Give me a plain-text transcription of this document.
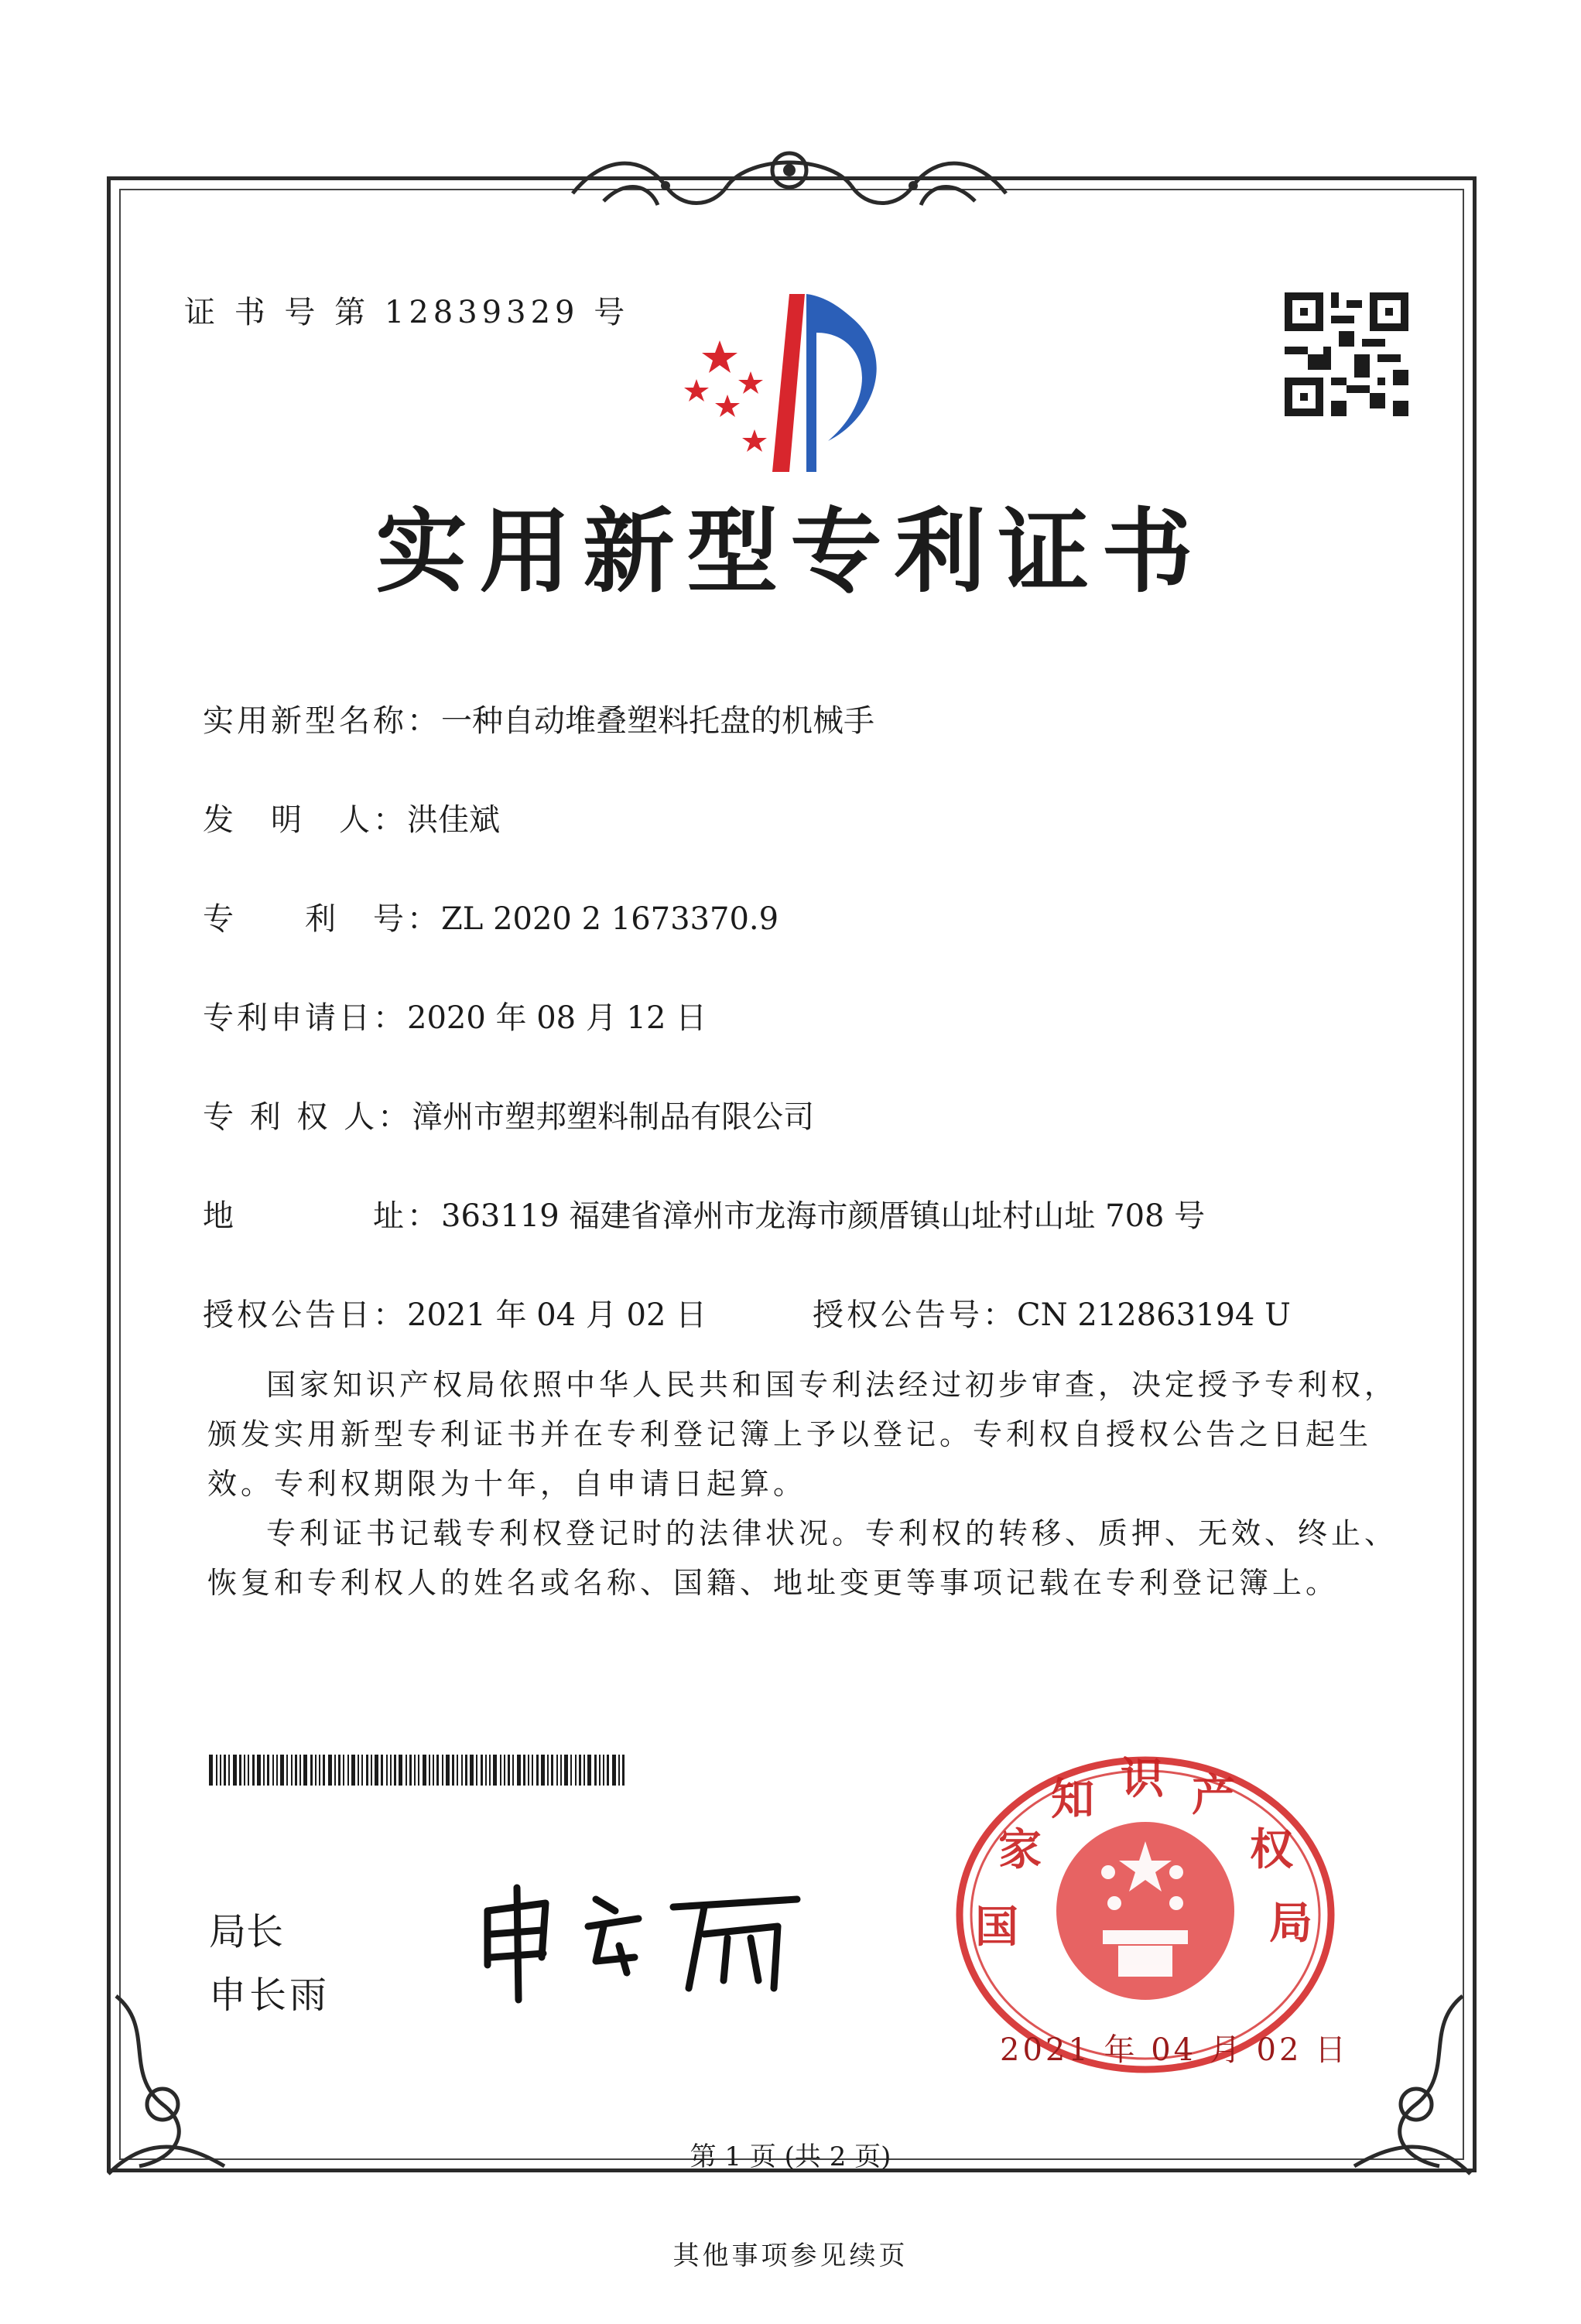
证 书 号 第 12839329 号
实用新型专利证书
实用新型名称：一种自动堆叠塑料托盘的机械手
发　明　人：洪佳斌
专　　利　号：ZL 2020 2 1673370.9
专利申请日：2020 年 08 月 12 日
专 利 权 人：漳州市塑邦塑料制品有限公司
地　　　　址：363119 福建省漳州市龙海市颜厝镇山址村山址 708 号
授权公告日：2021 年 04 月 02 日	授权公告号：CN 212863194 U
国家知识产权局依照中华人民共和国专利法经过初步审查，决定授予专利权，颁发实用新型专利证书并在专利登记簿上予以登记。专利权自授权公告之日起生效。专利权期限为十年，自申请日起算。
专利证书记载专利权登记时的法律状况。专利权的转移、质押、无效、终止、恢复和专利权人的姓名或名称、国籍、地址变更等事项记载在专利登记簿上。
局长
申长雨
家
知 识 产
权
国	局
2021 年 04 月 02 日
第 1 页 (共 2 页)
其他事项参见续页
